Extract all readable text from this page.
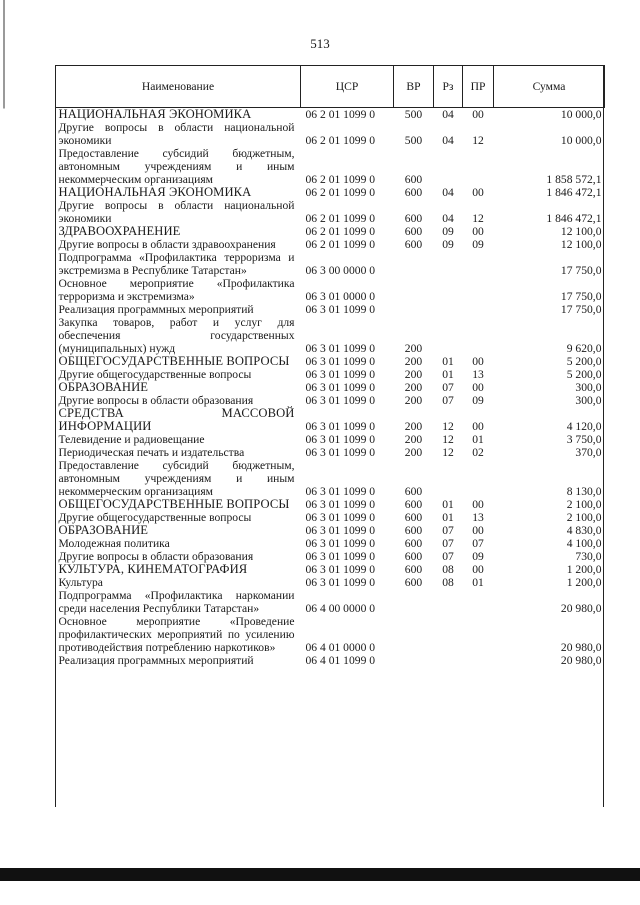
513
Наименование	ЦСР	ВР	Рз	ПР	Сумма
НАЦИОНАЛЬНАЯ ЭКОНОМИКА	06 2 01 1099 0	500	04	00	10 000,0
Другие вопросы в области национальной экономики	06 2 01 1099 0	500	04	12	10 000,0
Предоставление субсидий бюджетным, автономным учреждениям и иным некоммерческим организациям	06 2 01 1099 0	600			1 858 572,1
НАЦИОНАЛЬНАЯ ЭКОНОМИКА	06 2 01 1099 0	600	04	00	1 846 472,1
Другие вопросы в области национальной экономики	06 2 01 1099 0	600	04	12	1 846 472,1
ЗДРАВООХРАНЕНИЕ	06 2 01 1099 0	600	09	00	12 100,0
Другие вопросы в области здравоохранения	06 2 01 1099 0	600	09	09	12 100,0
Подпрограмма «Профилактика терроризма и экстремизма в Республике Татарстан»	06 3 00 0000 0				17 750,0
Основное мероприятие «Профилактика терроризма и экстремизма»	06 3 01 0000 0				17 750,0
Реализация программных мероприятий	06 3 01 1099 0				17 750,0
Закупка товаров, работ и услуг для обеспечения государственных (муниципальных) нужд	06 3 01 1099 0	200			9 620,0
ОБЩЕГОСУДАРСТВЕННЫЕ ВОПРОСЫ	06 3 01 1099 0	200	01	00	5 200,0
Другие общегосударственные вопросы	06 3 01 1099 0	200	01	13	5 200,0
ОБРАЗОВАНИЕ	06 3 01 1099 0	200	07	00	300,0
Другие вопросы в области образования	06 3 01 1099 0	200	07	09	300,0
СРЕДСТВА МАССОВОЙ ИНФОРМАЦИИ	06 3 01 1099 0	200	12	00	4 120,0
Телевидение и радиовещание	06 3 01 1099 0	200	12	01	3 750,0
Периодическая печать и издательства	06 3 01 1099 0	200	12	02	370,0
Предоставление субсидий бюджетным, автономным учреждениям и иным некоммерческим организациям	06 3 01 1099 0	600			8 130,0
ОБЩЕГОСУДАРСТВЕННЫЕ ВОПРОСЫ	06 3 01 1099 0	600	01	00	2 100,0
Другие общегосударственные вопросы	06 3 01 1099 0	600	01	13	2 100,0
ОБРАЗОВАНИЕ	06 3 01 1099 0	600	07	00	4 830,0
Молодежная политика	06 3 01 1099 0	600	07	07	4 100,0
Другие вопросы в области образования	06 3 01 1099 0	600	07	09	730,0
КУЛЬТУРА, КИНЕМАТОГРАФИЯ	06 3 01 1099 0	600	08	00	1 200,0
Культура	06 3 01 1099 0	600	08	01	1 200,0
Подпрограмма «Профилактика наркомании среди населения Республики Татарстан»	06 4 00 0000 0				20 980,0
Основное мероприятие «Проведение профилактических мероприятий по усилению противодействия потреблению наркотиков»	06 4 01 0000 0				20 980,0
Реализация программных мероприятий	06 4 01 1099 0				20 980,0
